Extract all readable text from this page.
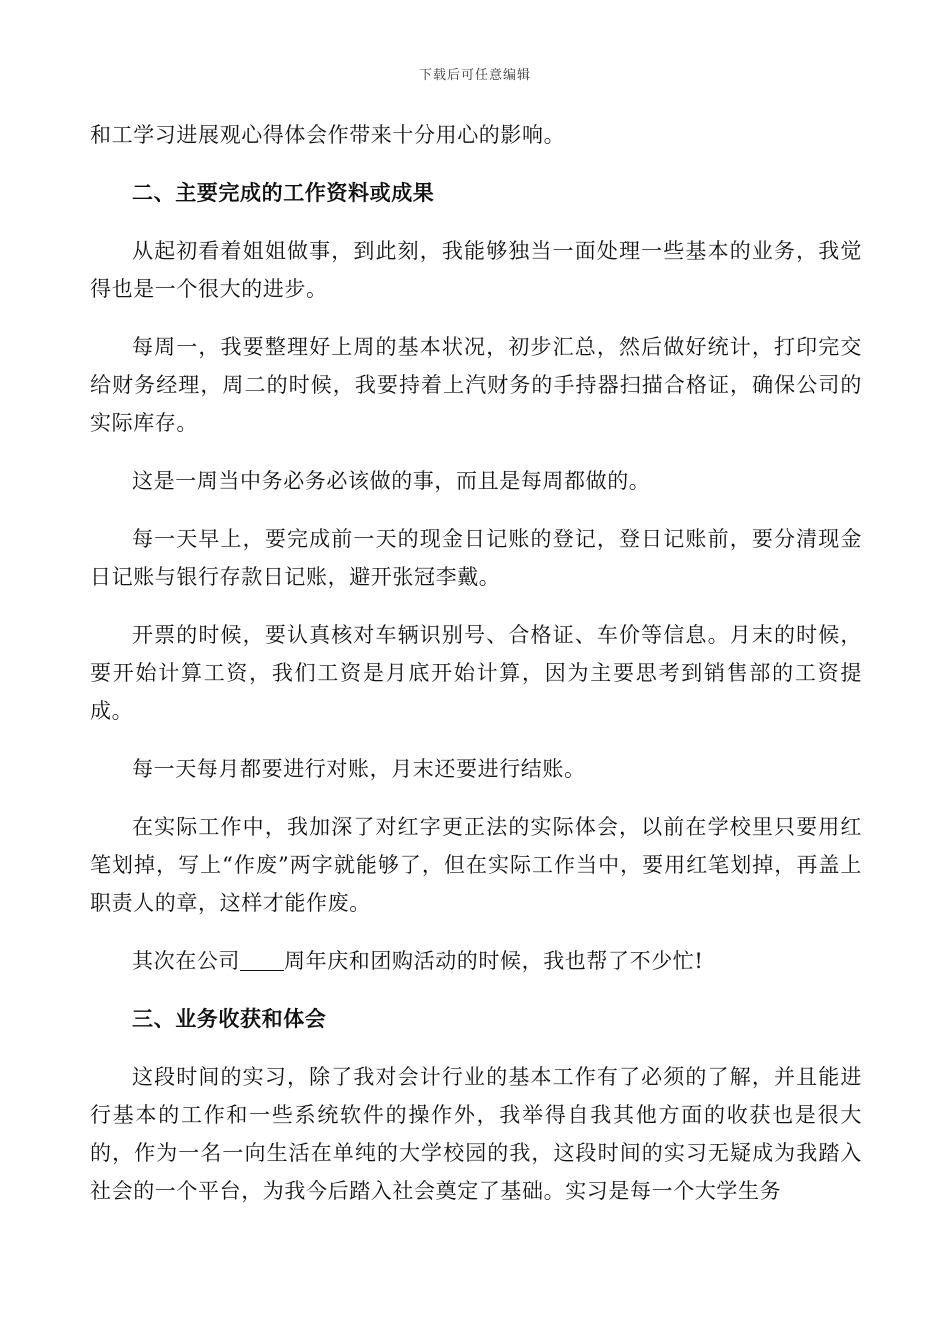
下载后可任意编辑

和工学习进展观心得体会作带来十分用心的影响。

二、主要完成的工作资料或成果

从起初看着姐姐做事，到此刻，我能够独当一面处理一些基本的业务，我觉得也是一个很大的进步。

每周一，我要整理好上周的基本状况，初步汇总，然后做好统计，打印完交给财务经理，周二的时候，我要持着上汽财务的手持器扫描合格证，确保公司的实际库存。

这是一周当中务必务必该做的事，而且是每周都做的。

每一天早上，要完成前一天的现金日记账的登记，登日记账前，要分清现金日记账与银行存款日记账，避开张冠李戴。

开票的时候，要认真核对车辆识别号、合格证、车价等信息。月末的时候，要开始计算工资，我们工资是月底开始计算，因为主要思考到销售部的工资提成。

每一天每月都要进行对账，月末还要进行结账。

在实际工作中，我加深了对红字更正法的实际体会，以前在学校里只要用红笔划掉，写上“作废”两字就能够了，但在实际工作当中，要用红笔划掉，再盖上职责人的章，这样才能作废。

其次在公司 周年庆和团购活动的时候，我也帮了不少忙!

三、业务收获和体会

这段时间的实习，除了我对会计行业的基本工作有了必须的了解，并且能进行基本的工作和一些系统软件的操作外，我举得自我其他方面的收获也是很大的，作为一名一向生活在单纯的大学校园的我，这段时间的实习无疑成为我踏入社会的一个平台，为我今后踏入社会奠定了基础。实习是每一个大学生务
